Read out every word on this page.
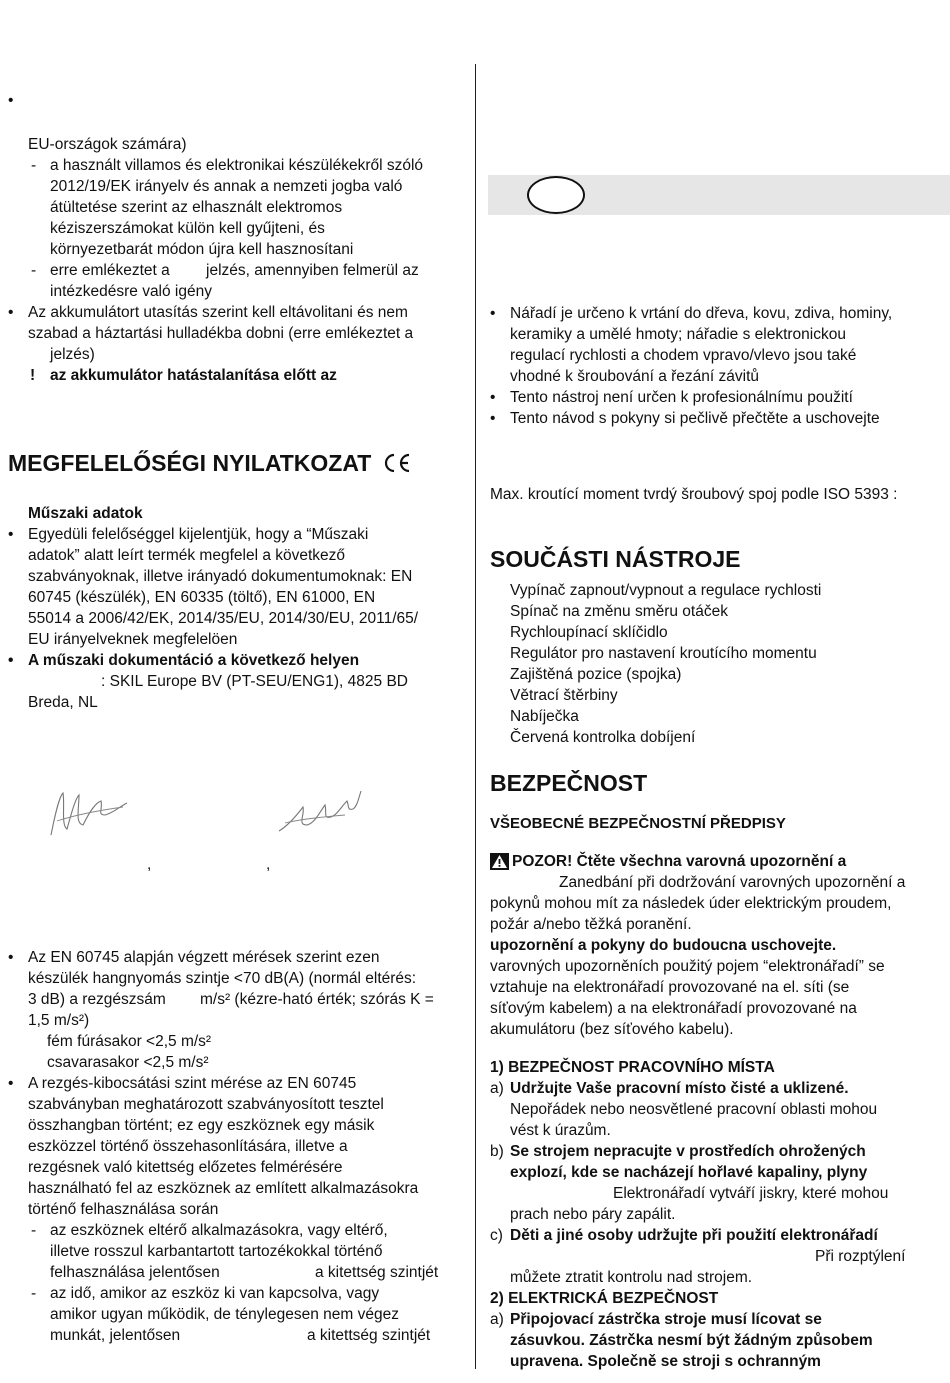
•
EU-országok számára)
- a használt villamos és elektronikai készülékekről szóló
2012/19/EK irányelv és annak a nemzeti jogba való
átültetése szerint az elhasznált elektromos
kéziszerszámokat külön kell gyűjteni, és
környezetbarát módon újra kell hasznosítani
- erre emlékeztet a jelzés, amennyiben felmerül az
intézkedésre való igény
• Az akkumulátort utasítás szerint kell eltávolitani és nem
szabad a háztartási hulladékba dobni (erre emlékeztet a
jelzés)
! az akkumulátor hatástalanítása előtt az
MEGFELELŐSÉGI NYILATKOZAT
Műszaki adatok
• Egyedüli felelőséggel kijelentjük, hogy a “Műszaki
adatok” alatt leírt termék megfelel a következő
szabványoknak, illetve irányadó dokumentumoknak: EN
60745 (készülék), EN 60335 (töltő), EN 61000, EN
55014 a 2006/42/EK, 2014/35/EU, 2014/30/EU, 2011/65/
EU irányelveknek megfelelöen
• A műszaki dokumentáció a következő helyen
: SKIL Europe BV (PT-SEU/ENG1), 4825 BD
Breda, NL
,	,
• Az EN 60745 alapján végzett mérések szerint ezen
készülék hangnyomás szintje <70 dB(A) (normál eltérés:
3 dB) a rezgészsám m/s² (kézre-ható érték; szórás K =
1,5 m/s²)
fém fúrásakor <2,5 m/s²
csavarasakor <2,5 m/s²
• A rezgés-kibocsátási szint mérése az EN 60745
szabványban meghatározott szabványosított tesztel
összhangban történt; ez egy eszköznek egy másik
eszközzel történő összehasonlítására, illetve a
rezgésnek való kitettség előzetes felmérésére
használható fel az eszköznek az említett alkalmazásokra
történő felhasználása során
- az eszköznek eltérő alkalmazásokra, vagy eltérő,
illetve rosszul karbantartott tartozékokkal történő
felhasználása jelentősen	a kitettség szintjét
- az idő, amikor az eszköz ki van kapcsolva, vagy
amikor ugyan működik, de ténylegesen nem végez
munkát, jelentősen	a kitettség szintjét
• Nářadí je určeno k vrtání do dřeva, kovu, zdiva, hominy,
keramiky a umělé hmoty; nářadie s elektronickou
regulací rychlosti a chodem vpravo/vlevo jsou také
vhodné k šroubování a řezání závitů
• Tento nástroj není určen k profesionálnímu použití
• Tento návod s pokyny si pečlivě přečtěte a uschovejte
Max. kroutící moment tvrdý šroubový spoj podle ISO 5393 :
SOUČÁSTI NÁSTROJE
Vypínač zapnout/vypnout a regulace rychlosti
Spínač na změnu směru otáček
Rychloupínací sklíčidlo
Regulátor pro nastavení kroutícího momentu
Zajištěná pozice (spojka)
Větrací štěrbiny
Nabíječka
Červená kontrolka dobíjení
BEZPEČNOST
VŠEOBECNÉ BEZPEČNOSTNÍ PŘEDPISY
POZOR! Čtěte všechna varovná upozornění a
Zanedbání při dodržování varovných upozornění a
pokynů mohou mít za následek úder elektrickým proudem,
požár a/nebo těžká poranění.
upozornění a pokyny do budoucna uschovejte.
varovných upozorněních použitý pojem “elektronářadí” se
vztahuje na elektronářadí provozované na el. síti (se
síťovým kabelem) a na elektronářadí provozované na
akumulátoru (bez síťového kabelu).
1) BEZPEČNOST PRACOVNÍHO MÍSTA
a) Udržujte Vaše pracovní místo čisté a uklizené.
Nepořádek nebo neosvětlené pracovní oblasti mohou
vést k úrazům.
b) Se strojem nepracujte v prostředích ohrožených
explozí, kde se nacházejí hořlavé kapaliny, plyny
Elektronářadí vytváří jiskry, které mohou
prach nebo páry zapálit.
c) Děti a jiné osoby udržujte při použití elektronářadí
Při rozptýlení
můžete ztratit kontrolu nad strojem.
2) ELEKTRICKÁ BEZPEČNOST
a) Připojovací zástrčka stroje musí lícovat se
zásuvkou. Zástrčka nesmí být žádným způsobem
upravena. Společně se stroji s ochranným
